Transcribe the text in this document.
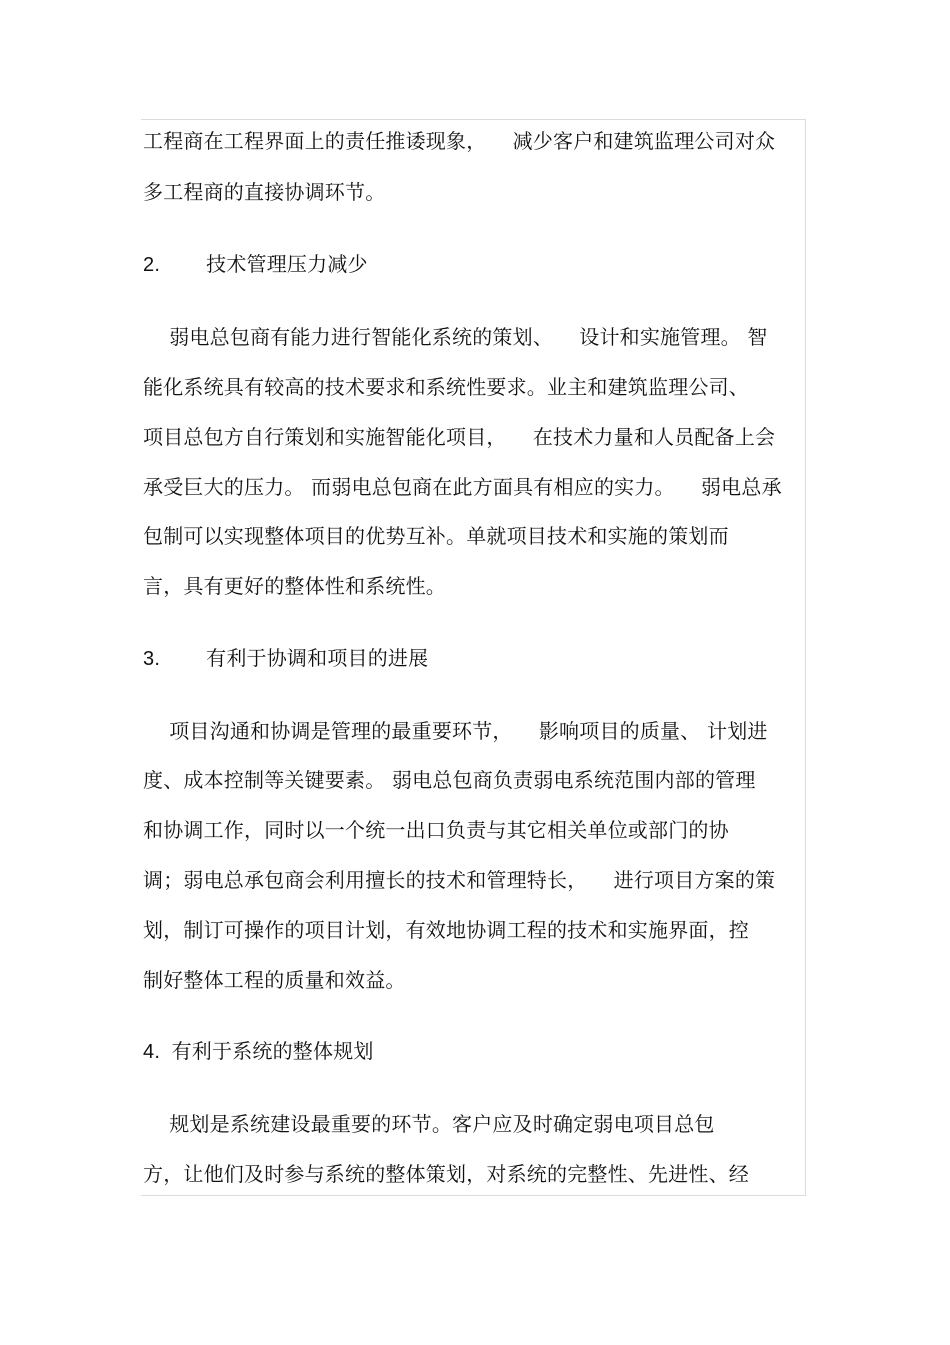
工程商在工程界面上的责任推诿现象，    减少客户和建筑监理公司对众
多工程商的直接协调环节。
2.        技术管理压力减少
弱电总包商有能力进行智能化系统的策划、    设计和实施管理。 智
能化系统具有较高的技术要求和系统性要求。业主和建筑监理公司、
项目总包方自行策划和实施智能化项目，    在技术力量和人员配备上会
承受巨大的压力。 而弱电总包商在此方面具有相应的实力。    弱电总承
包制可以实现整体项目的优势互补。单就项目技术和实施的策划而
言，具有更好的整体性和系统性。
3.        有利于协调和项目的进展
项目沟通和协调是管理的最重要环节，    影响项目的质量、 计划进
度、成本控制等关键要素。 弱电总包商负责弱电系统范围内部的管理
和协调工作，同时以一个统一出口负责与其它相关单位或部门的协
调；弱电总承包商会利用擅长的技术和管理特长，    进行项目方案的策
划，制订可操作的项目计划，有效地协调工程的技术和实施界面，控
制好整体工程的质量和效益。
4.  有利于系统的整体规划
规划是系统建设最重要的环节。客户应及时确定弱电项目总包
方，让他们及时参与系统的整体策划，对系统的完整性、先进性、经
